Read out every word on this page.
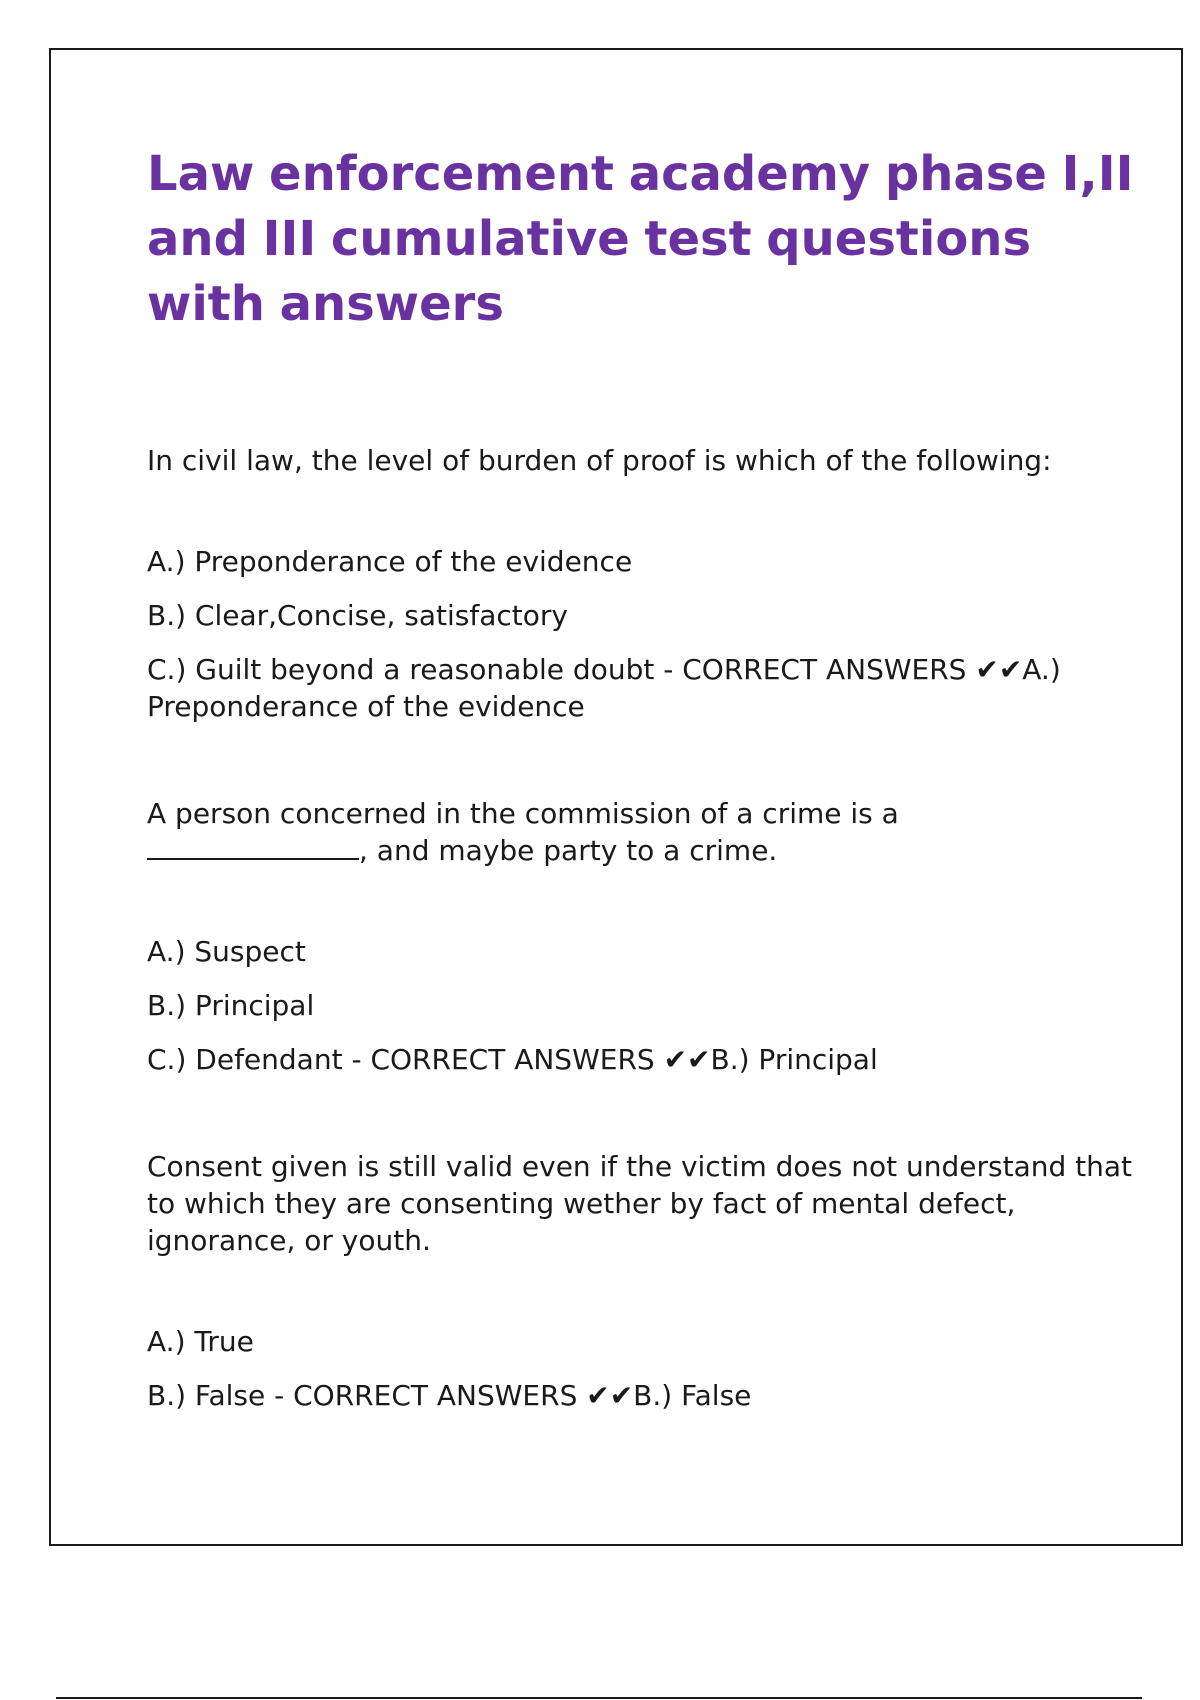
Law enforcement academy phase I,II and III cumulative test questions with answers

In civil law, the level of burden of proof is which of the following:

A.) Preponderance of the evidence
B.) Clear,Concise, satisfactory
C.) Guilt beyond a reasonable doubt - CORRECT ANSWERS ✔✔A.) Preponderance of the evidence

A person concerned in the commission of a crime is a
, and maybe party to a crime.

A.) Suspect
B.) Principal
C.) Defendant - CORRECT ANSWERS ✔✔B.) Principal

Consent given is still valid even if the victim does not understand that to which they are consenting wether by fact of mental defect, ignorance, or youth.

A.) True
B.) False - CORRECT ANSWERS ✔✔B.) False
